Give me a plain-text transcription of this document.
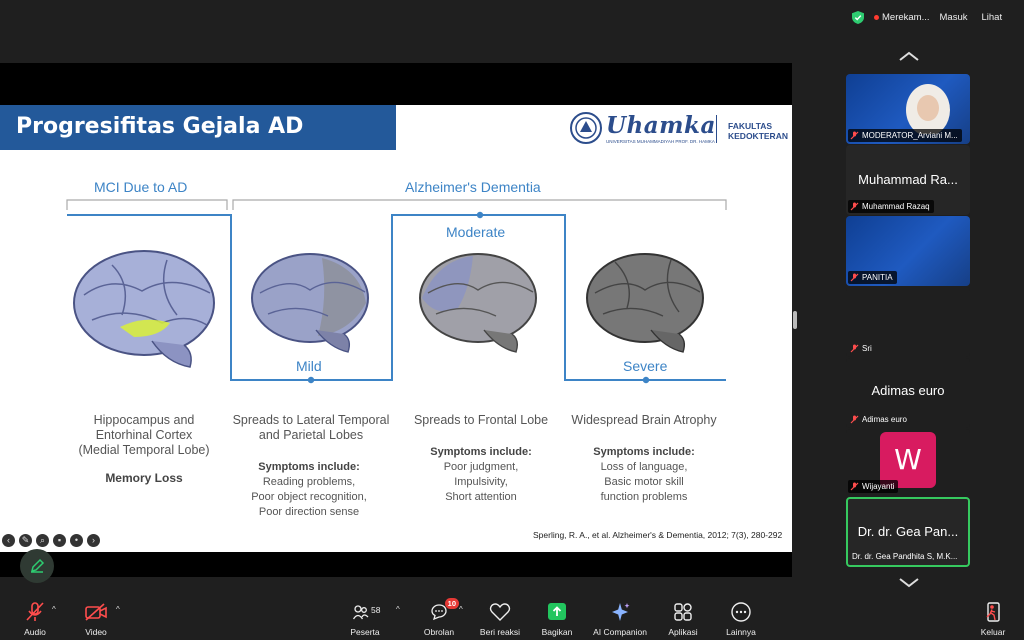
Merekam... Masuk Lihat
Progresifitas Gejala AD	Uhamka
UNIVERSITAS MUHAMMADIYAH PROF. DR. HAMKA
FAKULTAS
KEDOKTERAN
MCI Due to AD	Alzheimer's Dementia
Moderate
Mild	Severe
Hippocampus and
Entorhinal Cortex
(Medial Temporal Lobe)
Memory Loss
Spreads to Lateral Temporal
and Parietal Lobes
Symptoms include:
Reading problems,
Poor object recognition,
Poor direction sense
Spreads to Frontal Lobe
Symptoms include:
Poor judgment,
Impulsivity,
Short attention
Widespread Brain Atrophy
Symptoms include:
Loss of language,
Basic motor skill
function problems
Sperling, R. A., et al. Alzheimer's & Dementia, 2012; 7(3), 280-292
‹	✎	⌕	▪	•	›
MODERATOR_Arviani M...
Muhammad Ra...
Muhammad Razaq
PANITIA
Sri
Adimas euro
Adimas euro
W
Wijayanti
Dr. dr. Gea Pan...
Dr. dr. Gea Pandhita S, M.K...
Audio
^
Video
^	58
Peserta
^
10
Obrolan
^
Beri reaksi	Bagikan	AI Companion	Aplikasi	Lainnya	Keluar
